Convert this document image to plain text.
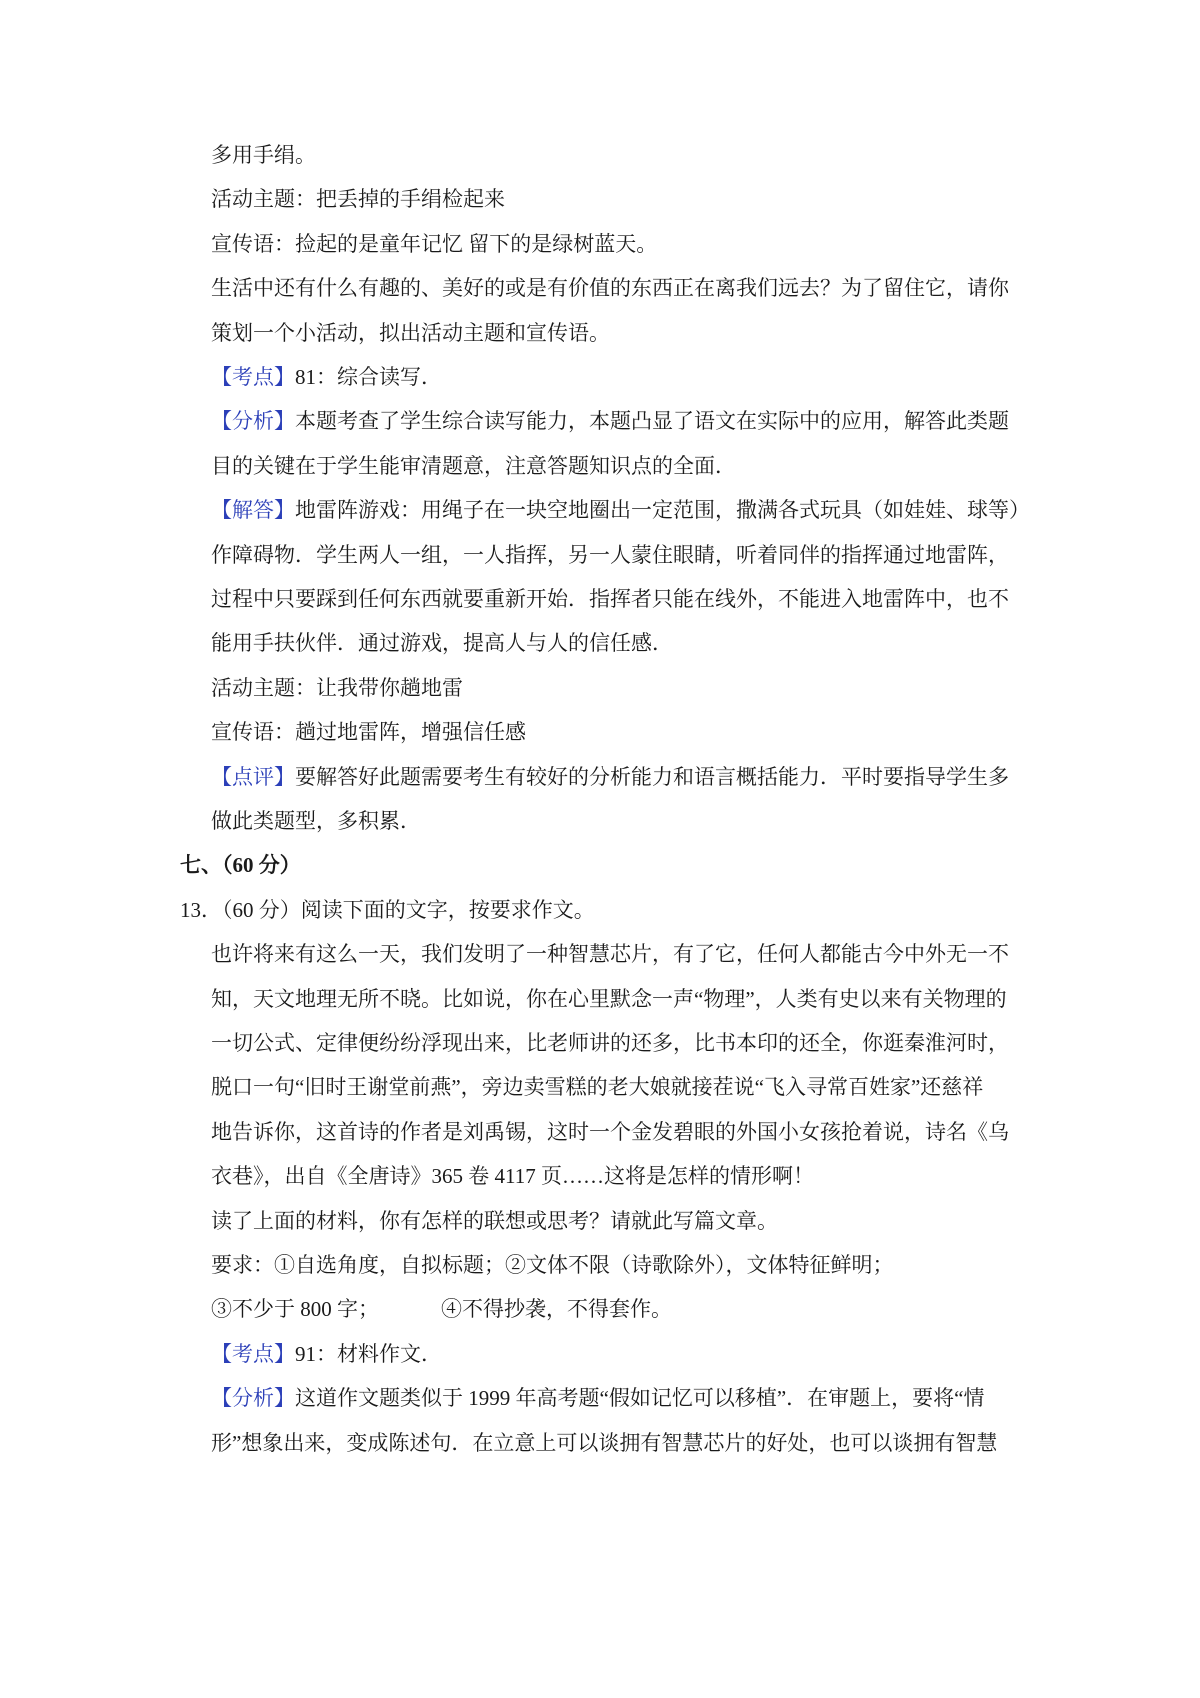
多用手绢。
活动主题：把丢掉的手绢检起来
宣传语：捡起的是童年记忆 留下的是绿树蓝天。
生活中还有什么有趣的、美好的或是有价值的东西正在离我们远去？为了留住它，请你
策划一个小活动，拟出活动主题和宣传语。
【考点】81：综合读写．
【分析】本题考查了学生综合读写能力，本题凸显了语文在实际中的应用，解答此类题
目的关键在于学生能审清题意，注意答题知识点的全面．
【解答】地雷阵游戏：用绳子在一块空地圈出一定范围，撒满各式玩具（如娃娃、球等）
作障碍物．学生两人一组，一人指挥，另一人蒙住眼睛，听着同伴的指挥通过地雷阵，
过程中只要踩到任何东西就要重新开始．指挥者只能在线外，不能进入地雷阵中，也不
能用手扶伙伴．通过游戏，提高人与人的信任感．
活动主题：让我带你趟地雷
宣传语：趟过地雷阵，增强信任感
【点评】要解答好此题需要考生有较好的分析能力和语言概括能力．平时要指导学生多
做此类题型，多积累．
七、（60 分）
13．（60 分）阅读下面的文字，按要求作文。
也许将来有这么一天，我们发明了一种智慧芯片，有了它，任何人都能古今中外无一不
知，天文地理无所不晓。比如说，你在心里默念一声“物理”，人类有史以来有关物理的
一切公式、定律便纷纷浮现出来，比老师讲的还多，比书本印的还全，你逛秦淮河时，
脱口一句“旧时王谢堂前燕”，旁边卖雪糕的老大娘就接茬说“飞入寻常百姓家”还慈祥
地告诉你，这首诗的作者是刘禹锡，这时一个金发碧眼的外国小女孩抢着说，诗名《乌
衣巷》，出自《全唐诗》365 卷 4117 页……这将是怎样的情形啊！
读了上面的材料，你有怎样的联想或思考？请就此写篇文章。
要求：①自选角度，自拟标题；②文体不限（诗歌除外），文体特征鲜明；
③不少于 800 字；	④不得抄袭，不得套作。
【考点】91：材料作文．
【分析】这道作文题类似于 1999 年高考题“假如记忆可以移植”．在审题上，要将“情
形”想象出来，变成陈述句．在立意上可以谈拥有智慧芯片的好处，也可以谈拥有智慧
